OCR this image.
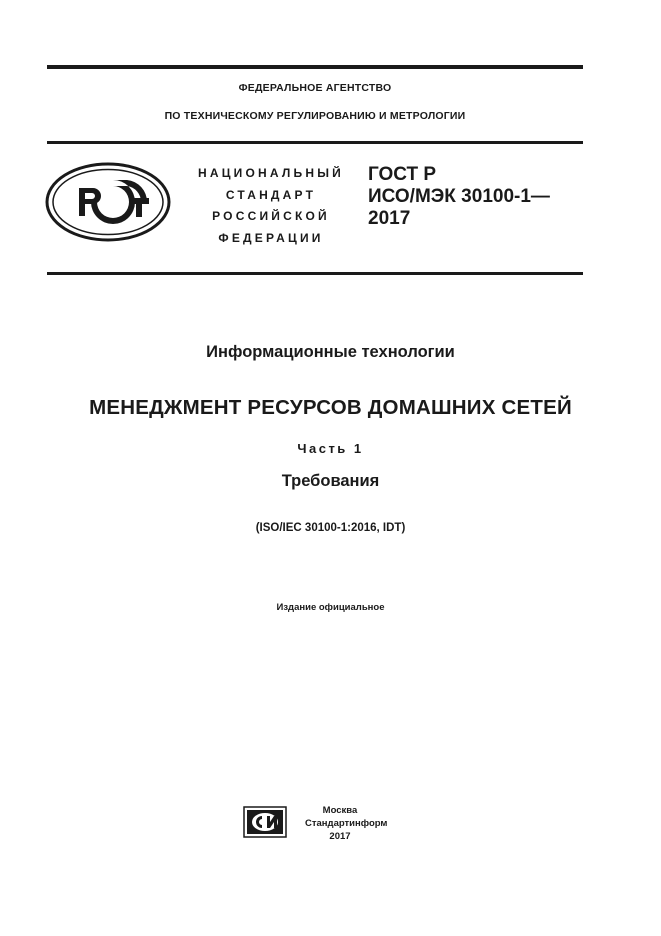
ФЕДЕРАЛЬНОЕ АГЕНТСТВО
ПО ТЕХНИЧЕСКОМУ РЕГУЛИРОВАНИЮ И МЕТРОЛОГИИ
НАЦИОНАЛЬНЫЙ
СТАНДАРТ
РОССИЙСКОЙ
ФЕДЕРАЦИИ
ГОСТ Р
ИСО/МЭК 30100-1—
2017
Информационные технологии
МЕНЕДЖМЕНТ РЕСУРСОВ ДОМАШНИХ СЕТЕЙ
Часть 1
Требования
(ISO/IEC 30100-1:2016, IDT)
Издание официальное
Москва
Стандартинформ
2017
